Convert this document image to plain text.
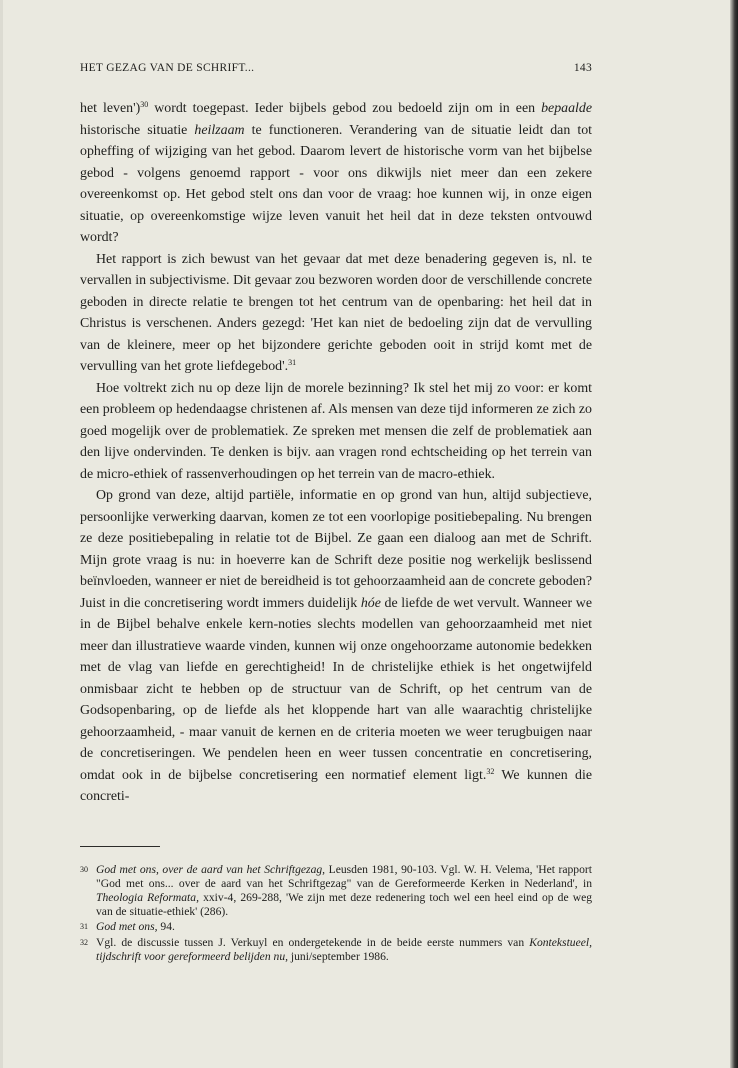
HET GEZAG VAN DE SCHRIFT...	143

het leven')$^{30}$ wordt toegepast. Ieder bijbels gebod zou bedoeld zijn om in een bepaalde historische situatie heilzaam te functioneren. Verandering van de situatie leidt dan tot opheffing of wijziging van het gebod. Daarom levert de historische vorm van het bijbelse gebod - volgens genoemd rapport - voor ons dikwijls niet meer dan een zekere overeenkomst op. Het gebod stelt ons dan voor de vraag: hoe kunnen wij, in onze eigen situatie, op overeenkomstige wijze leven vanuit het heil dat in deze teksten ontvouwd wordt?

Het rapport is zich bewust van het gevaar dat met deze benadering gegeven is, nl. te vervallen in subjectivisme. Dit gevaar zou bezworen worden door de verschillende concrete geboden in directe relatie te brengen tot het centrum van de openbaring: het heil dat in Christus is verschenen. Anders gezegd: 'Het kan niet de bedoeling zijn dat de vervulling van de kleinere, meer op het bijzondere gerichte geboden ooit in strijd komt met de vervulling van het grote liefdegebod'.$^{31}$

Hoe voltrekt zich nu op deze lijn de morele bezinning? Ik stel het mij zo voor: er komt een probleem op hedendaagse christenen af. Als mensen van deze tijd informeren ze zich zo goed mogelijk over de problematiek. Ze spreken met mensen die zelf de problematiek aan den lijve ondervinden. Te denken is bijv. aan vragen rond echtscheiding op het terrein van de micro-ethiek of rassenverhoudingen op het terrein van de macro-ethiek.

Op grond van deze, altijd partiële, informatie en op grond van hun, altijd subjectieve, persoonlijke verwerking daarvan, komen ze tot een voorlopige positiebepaling. Nu brengen ze deze positiebepaling in relatie tot de Bijbel. Ze gaan een dialoog aan met de Schrift. Mijn grote vraag is nu: in hoeverre kan de Schrift deze positie nog werkelijk beslissend beïnvloeden, wanneer er niet de bereidheid is tot gehoorzaamheid aan de concrete geboden? Juist in die concretisering wordt immers duidelijk hóe de liefde de wet vervult. Wanneer we in de Bijbel behalve enkele kern-noties slechts modellen van gehoorzaamheid met niet meer dan illustratieve waarde vinden, kunnen wij onze ongehoorzame autonomie bedekken met de vlag van liefde en gerechtigheid! In de christelijke ethiek is het ongetwijfeld onmisbaar zicht te hebben op de structuur van de Schrift, op het centrum van de Godsopenbaring, op de liefde als het kloppende hart van alle waarachtig christelijke gehoorzaamheid, - maar vanuit de kernen en de criteria moeten we weer terugbuigen naar de concretiseringen. We pendelen heen en weer tussen concentratie en concretisering, omdat ook in de bijbelse concretisering een normatief element ligt.$^{32}$ We kunnen die concreti-

30 God met ons, over de aard van het Schriftgezag, Leusden 1981, 90-103. Vgl. W. H. Velema, 'Het rapport "God met ons... over de aard van het Schriftgezag" van de Gereformeerde Kerken in Nederland', in Theologia Reformata, xxiv-4, 269-288, 'We zijn met deze redenering toch wel een heel eind op de weg van de situatie-ethiek' (286).
31 God met ons, 94.
32 Vgl. de discussie tussen J. Verkuyl en ondergetekende in de beide eerste nummers van Kontekstueel, tijdschrift voor gereformeerd belijden nu, juni/september 1986.
